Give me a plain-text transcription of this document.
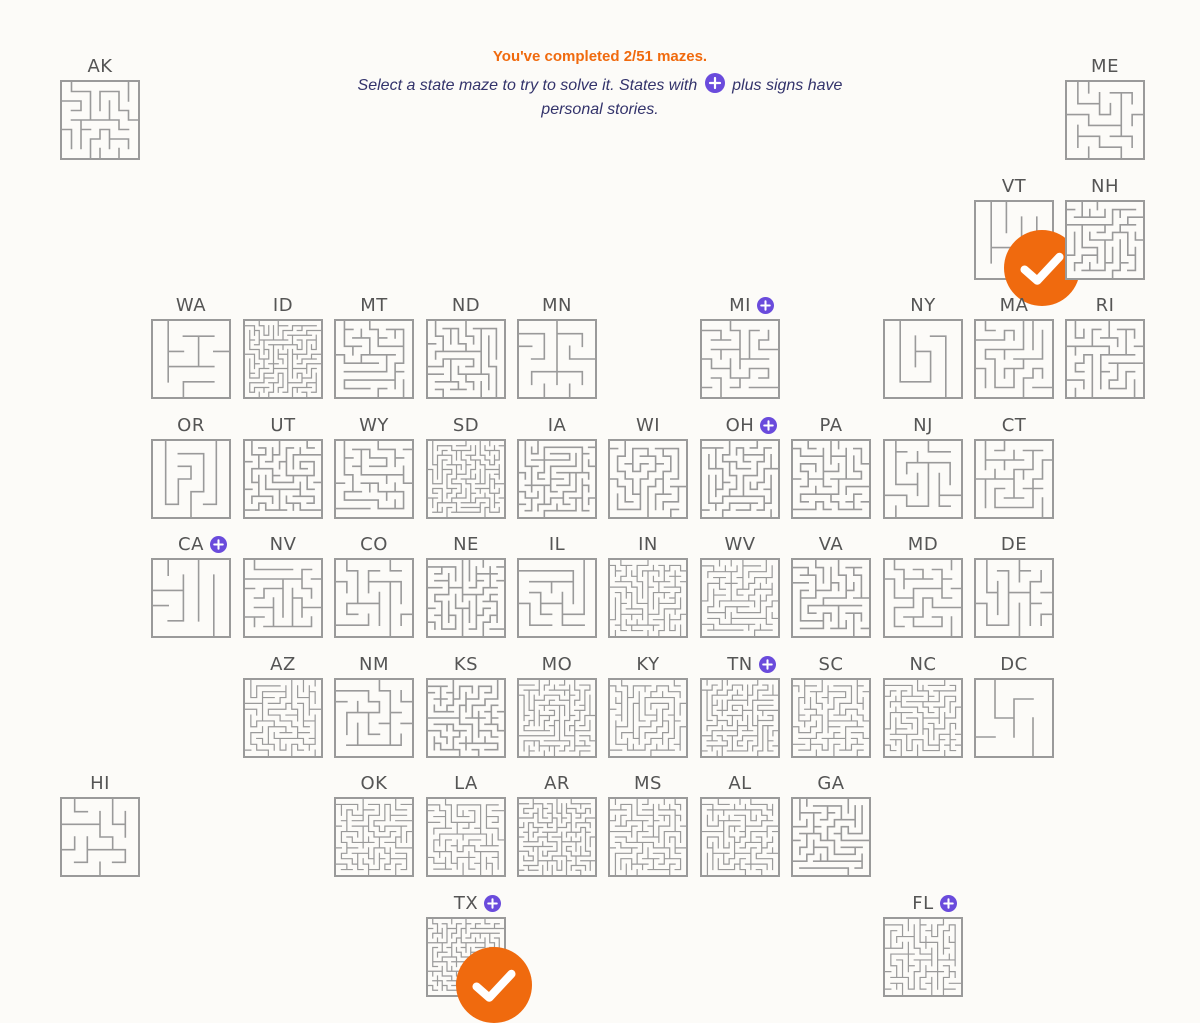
You've completed 2/51 mazes.

Select a state maze to try to solve it. States with  plus signs have personal stories.

AK	ME
VT	NH
WA	ID	MT	ND	MN	MI	NY	MA	RI
OR	UT	WY	SD	IA	WI	OH	PA	NJ	CT
CA	NV	CO	NE	IL	IN	WV	VA	MD	DE
AZ	NM	KS	MO	KY	TN	SC	NC	DC
HI	OK	LA	AR	MS	AL	GA
TX	FL
